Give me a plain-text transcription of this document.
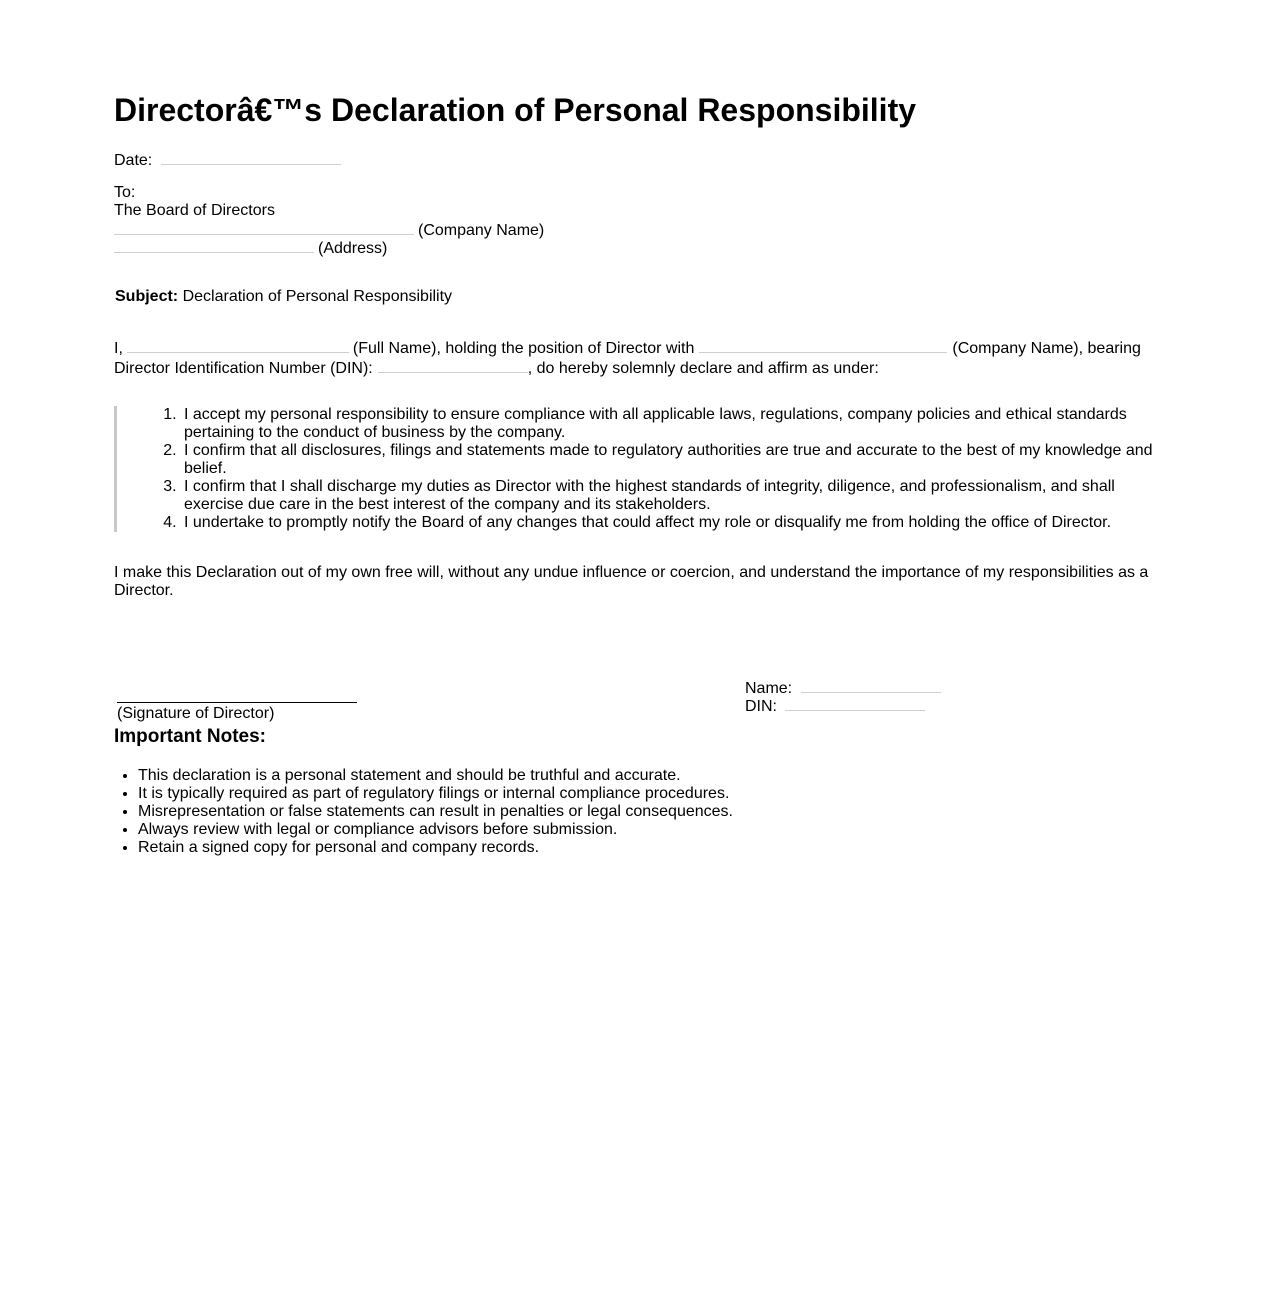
Directorâ€™s Declaration of Personal Responsibility
Date:
To:
The Board of Directors
(Company Name)
(Address)
Subject: Declaration of Personal Responsibility

I,	(Full Name), holding the position of Director with	(Company Name), bearing Director Identification Number (DIN):	, do hereby solemnly declare and affirm as under:

1. I accept my personal responsibility to ensure compliance with all applicable laws, regulations, company policies and ethical standards pertaining to the conduct of business by the company.
2. I confirm that all disclosures, filings and statements made to regulatory authorities are true and accurate to the best of my knowledge and belief.
3. I confirm that I shall discharge my duties as Director with the highest standards of integrity, diligence, and professionalism, and shall exercise due care in the best interest of the company and its stakeholders.
4. I undertake to promptly notify the Board of any changes that could affect my role or disqualify me from holding the office of Director.

I make this Declaration out of my own free will, without any undue influence or coercion, and understand the importance of my responsibilities as a Director.

(Signature of Director)
Name:
DIN:
Important Notes:
• This declaration is a personal statement and should be truthful and accurate.
• It is typically required as part of regulatory filings or internal compliance procedures.
• Misrepresentation or false statements can result in penalties or legal consequences.
• Always review with legal or compliance advisors before submission.
• Retain a signed copy for personal and company records.
